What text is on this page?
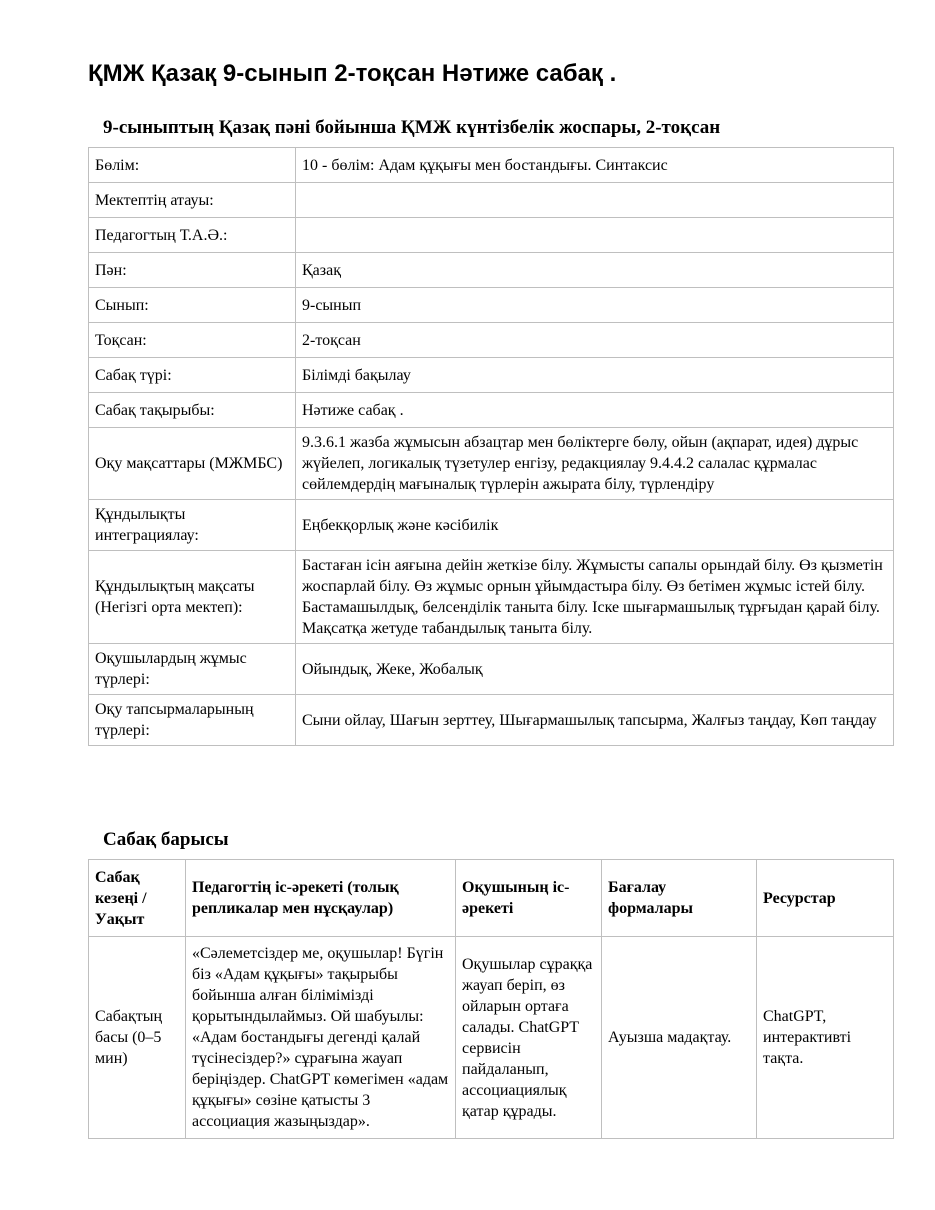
ҚМЖ Қазақ 9-сынып 2-тоқсан Нәтиже сабақ .
9-сыныптың Қазақ пәні бойынша ҚМЖ күнтізбелік жоспары, 2-тоқсан
Бөлім:	10 - бөлім: Адам құқығы мен бостандығы. Синтаксис
Мектептің атауы:	
Педагогтың Т.А.Ә.:	
Пән:	Қазақ
Сынып:	9-сынып
Тоқсан:	2-тоқсан
Сабақ түрі:	Білімді бақылау
Сабақ тақырыбы:	Нәтиже сабақ .
Оқу мақсаттары (МЖМБС)	9.3.6.1 жазба жұмысын абзацтар мен бөліктерге бөлу, ойын (ақпарат, идея) дұрыс жүйелеп, логикалық түзетулер енгізу, редакциялау 9.4.4.2 салалас құрмалас сөйлемдердің мағыналық түрлерін ажырата білу, түрлендіру
Құндылықты интеграциялау:	Еңбекқорлық және кәсібилік
Құндылықтың мақсаты (Негізгі орта мектеп):	Бастаған ісін аяғына дейін жеткізе білу. Жұмысты сапалы орындай білу. Өз қызметін жоспарлай білу. Өз жұмыс орнын ұйымдастыра білу. Өз бетімен жұмыс істей білу. Бастамашылдық, белсенділік таныта білу. Іске шығармашылық тұрғыдан қарай білу. Мақсатқа жетуде табандылық таныта білу.
Оқушылардың жұмыс түрлері:	Ойындық, Жеке, Жобалық
Оқу тапсырмаларының түрлері:	Сыни ойлау, Шағын зерттеу, Шығармашылық тапсырма, Жалғыз таңдау, Көп таңдау
Сабақ барысы
Сабақ кезеңі / Уақыт	Педагогтің іс-әрекеті (толық репликалар мен нұсқаулар)	Оқушының іс-әрекеті	Бағалау формалары	Ресурстар
Сабақтың басы (0–5 мин)	«Сәлеметсіздер ме, оқушылар! Бүгін біз «Адам құқығы» тақырыбы бойынша алған білімімізді қорытындылаймыз. Ой шабуылы: «Адам бостандығы дегенді қалай түсінесіздер?» сұрағына жауап беріңіздер. ChatGPT көмегімен «адам құқығы» сөзіне қатысты 3 ассоциация жазыңыздар».	Оқушылар сұраққа жауап беріп, өз ойларын ортаға салады. ChatGPT сервисін пайдаланып, ассоциациялық қатар құрады.	Ауызша мадақтау.	ChatGPT, интерактивті тақта.
